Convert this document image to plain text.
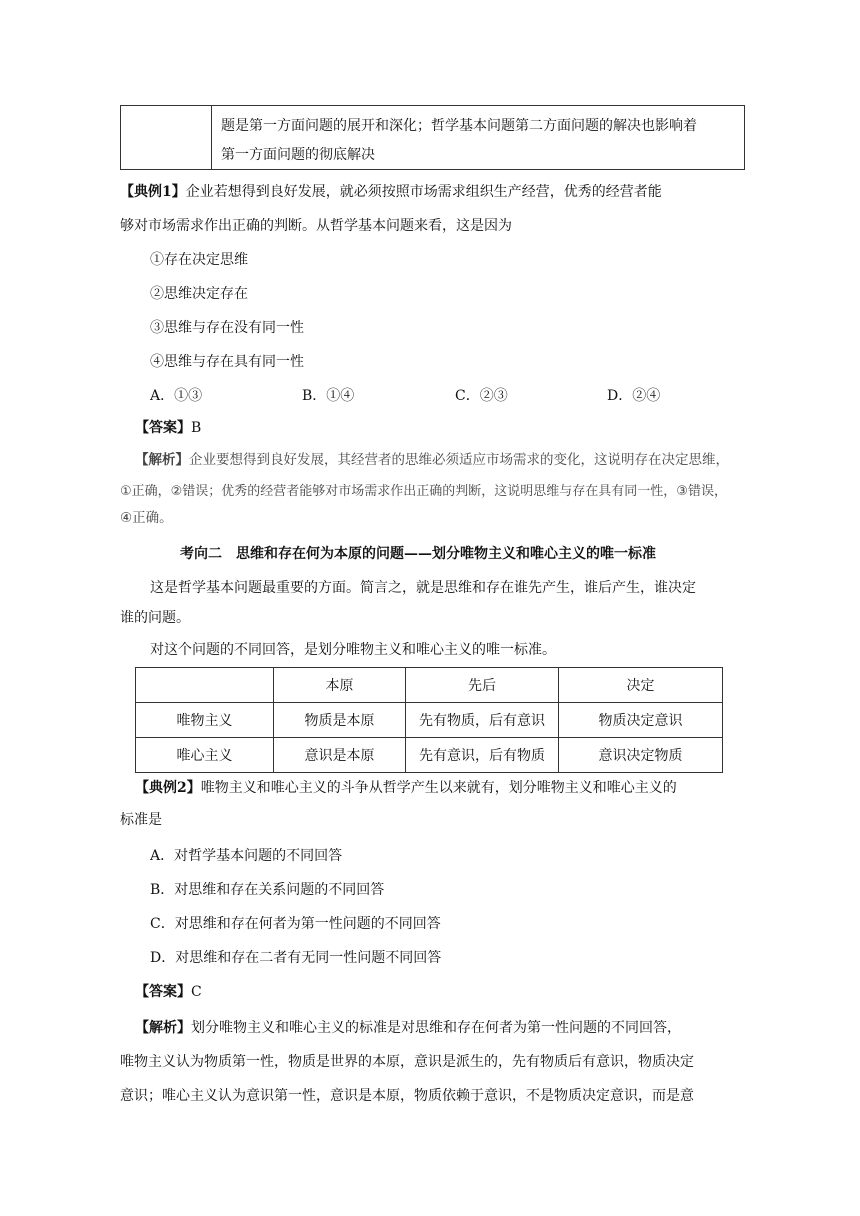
题是第一方面问题的展开和深化；哲学基本问题第二方面问题的解决也影响着
第一方面问题的彻底解决
【典例1】企业若想得到良好发展，就必须按照市场需求组织生产经营，优秀的经营者能
够对市场需求作出正确的判断。从哲学基本问题来看，这是因为
①存在决定思维
②思维决定存在
③思维与存在没有同一性
④思维与存在具有同一性
A．①③	B．①④	C．②③	D．②④
【答案】B
【解析】企业要想得到良好发展，其经营者的思维必须适应市场需求的变化，这说明存在决定思维，
①正确，②错误；优秀的经营者能够对市场需求作出正确的判断，这说明思维与存在具有同一性，③错误，
④正确。
考向二　思维和存在何为本原的问题——划分唯物主义和唯心主义的唯一标准
这是哲学基本问题最重要的方面。简言之，就是思维和存在谁先产生，谁后产生，谁决定
谁的问题。
对这个问题的不同回答，是划分唯物主义和唯心主义的唯一标准。
	本原	先后	决定
唯物主义	物质是本原	先有物质，后有意识	物质决定意识
唯心主义	意识是本原	先有意识，后有物质	意识决定物质
【典例2】唯物主义和唯心主义的斗争从哲学产生以来就有，划分唯物主义和唯心主义的
标准是
A．对哲学基本问题的不同回答
B．对思维和存在关系问题的不同回答
C．对思维和存在何者为第一性问题的不同回答
D．对思维和存在二者有无同一性问题不同回答
【答案】C
【解析】划分唯物主义和唯心主义的标准是对思维和存在何者为第一性问题的不同回答，
唯物主义认为物质第一性，物质是世界的本原，意识是派生的，先有物质后有意识，物质决定
意识；唯心主义认为意识第一性，意识是本原，物质依赖于意识，不是物质决定意识，而是意
